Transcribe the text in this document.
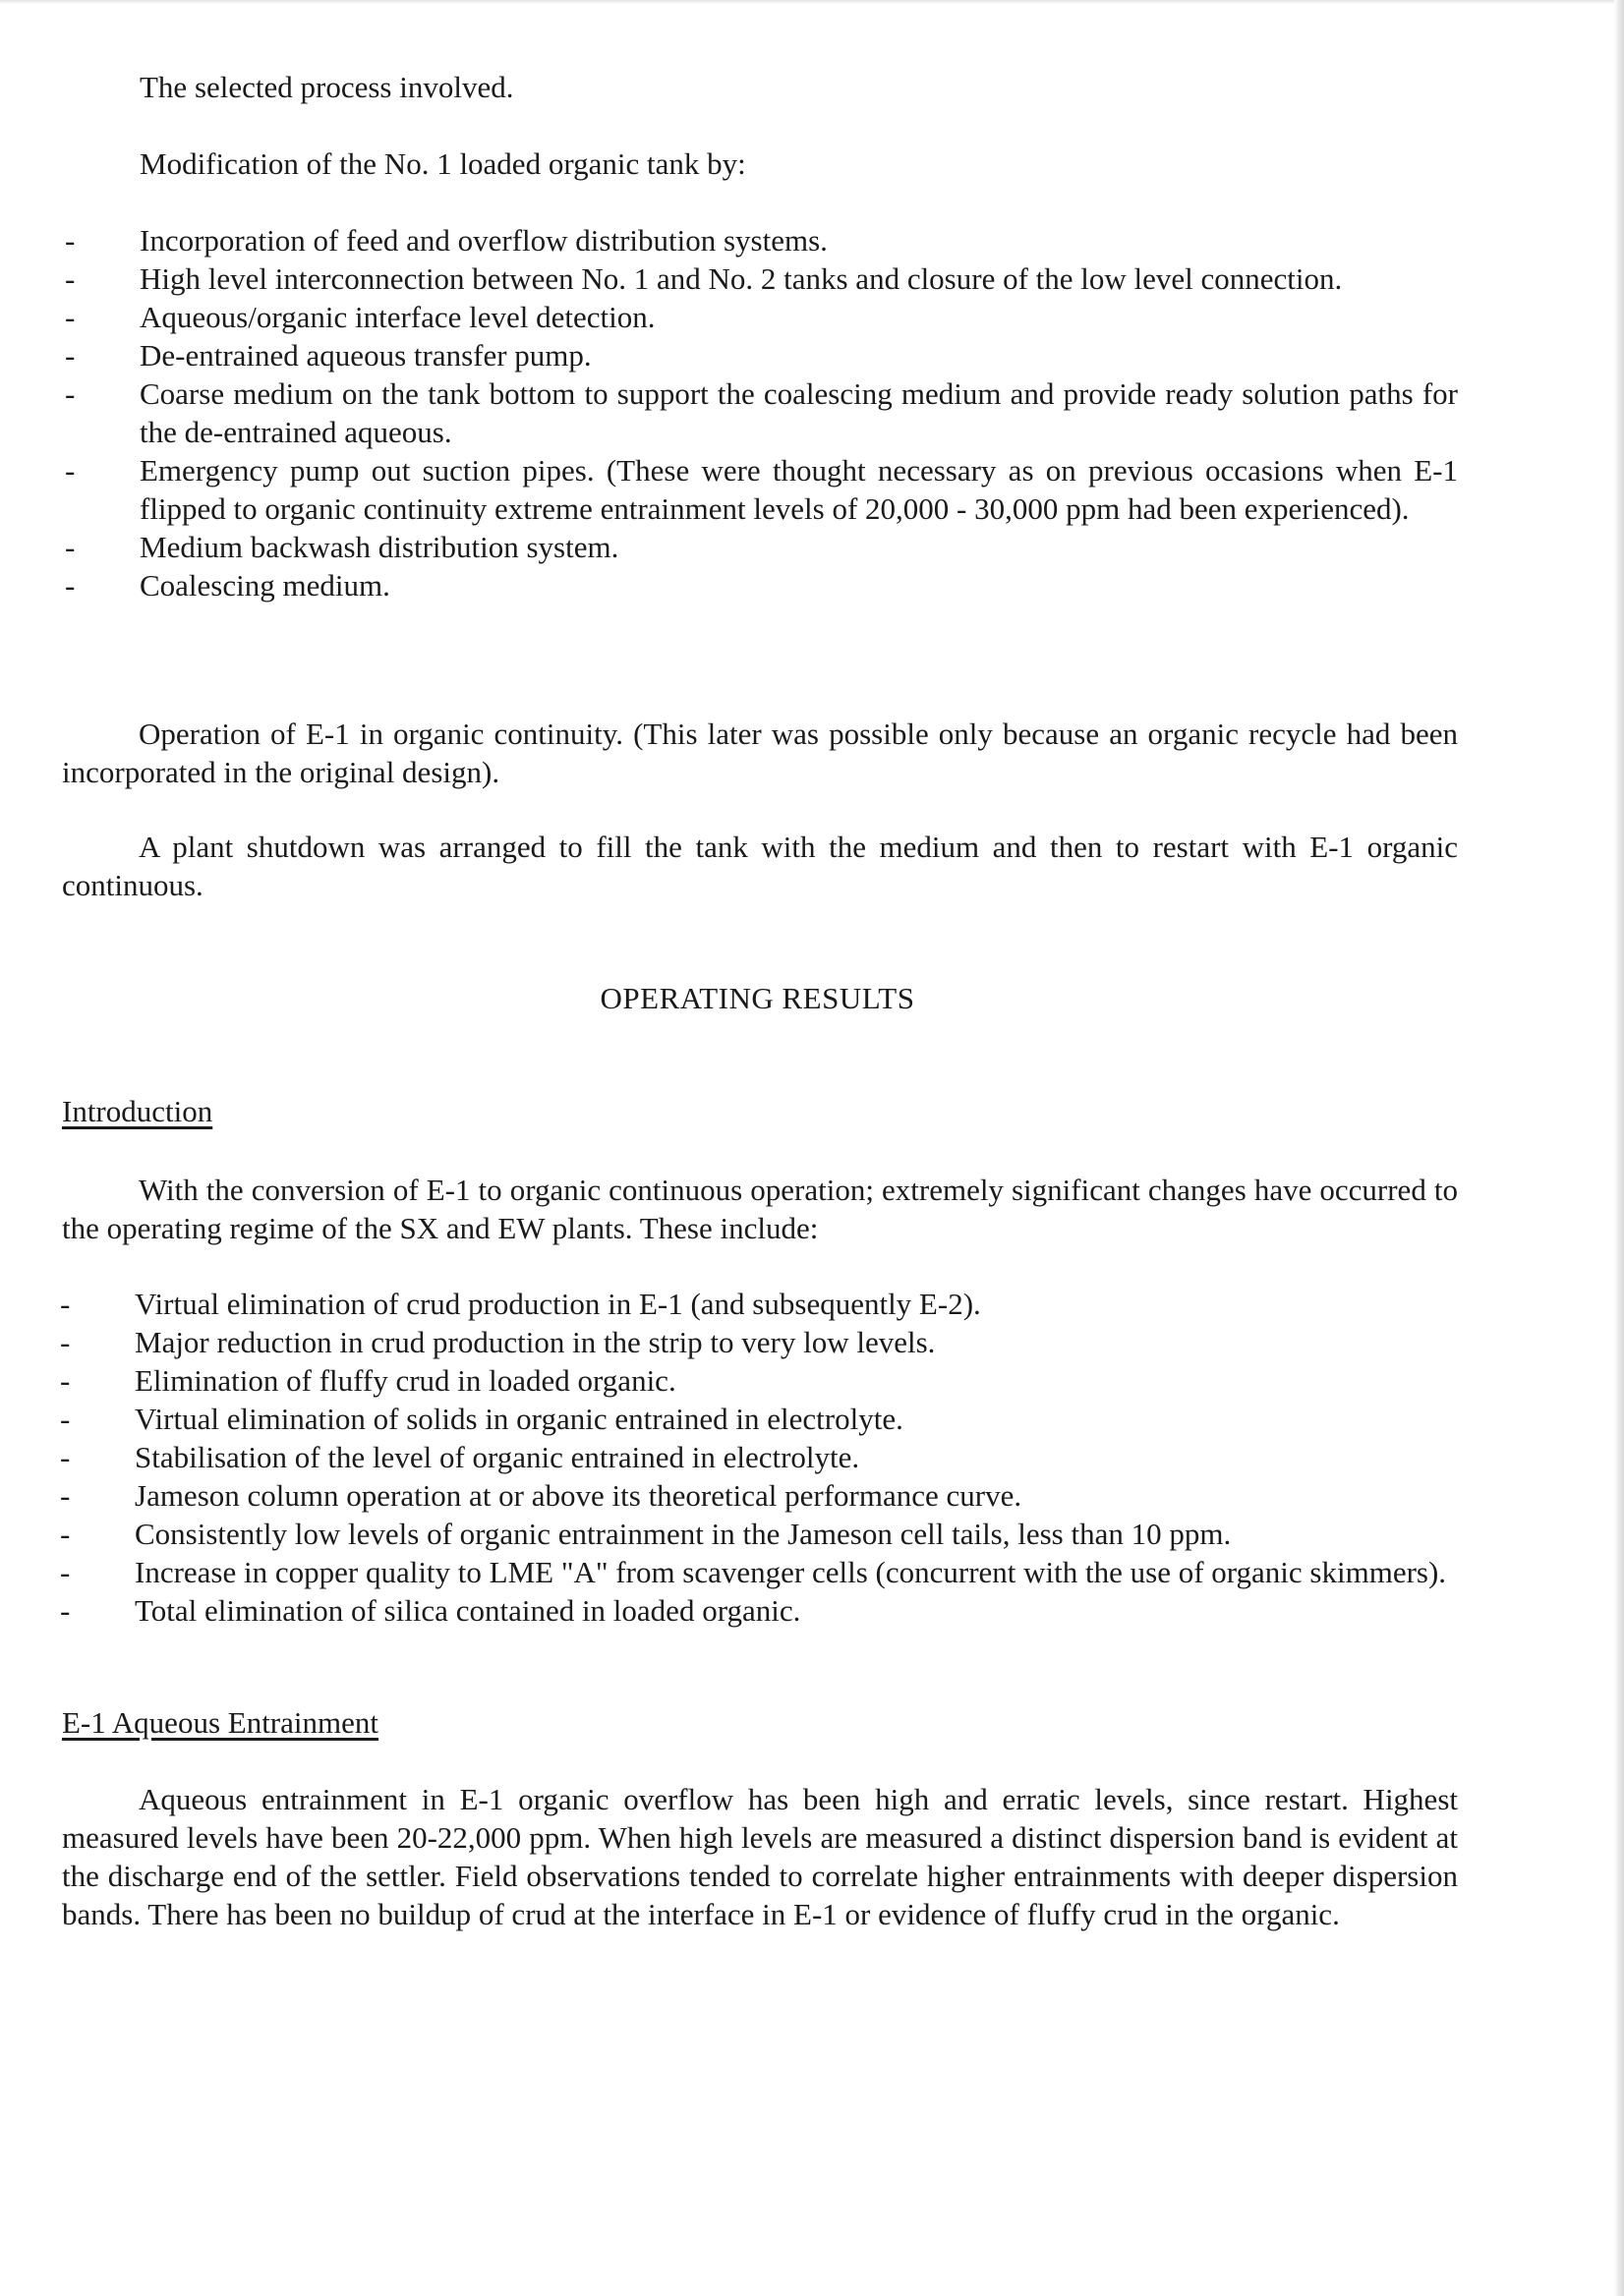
The selected process involved.

Modification of the No. 1 loaded organic tank by:

- Incorporation of feed and overflow distribution systems.
- High level interconnection between No. 1 and No. 2 tanks and closure of the low level connection.
- Aqueous/organic interface level detection.
- De-entrained aqueous transfer pump.
- Coarse medium on the tank bottom to support the coalescing medium and provide ready solution paths for the de-entrained aqueous.
- Emergency pump out suction pipes. (These were thought necessary as on previous occasions when E-1 flipped to organic continuity extreme entrainment levels of 20,000 - 30,000 ppm had been experienced).
- Medium backwash distribution system.
- Coalescing medium.

Operation of E-1 in organic continuity. (This later was possible only because an organic recycle had been incorporated in the original design).

A plant shutdown was arranged to fill the tank with the medium and then to restart with E-1 organic continuous.

OPERATING RESULTS
Introduction

With the conversion of E-1 to organic continuous operation; extremely significant changes have occurred to the operating regime of the SX and EW plants. These include:

- Virtual elimination of crud production in E-1 (and subsequently E-2).
- Major reduction in crud production in the strip to very low levels.
- Elimination of fluffy crud in loaded organic.
- Virtual elimination of solids in organic entrained in electrolyte.
- Stabilisation of the level of organic entrained in electrolyte.
- Jameson column operation at or above its theoretical performance curve.
- Consistently low levels of organic entrainment in the Jameson cell tails, less than 10 ppm.
- Increase in copper quality to LME "A" from scavenger cells (concurrent with the use of organic skimmers).
- Total elimination of silica contained in loaded organic.
E-1 Aqueous Entrainment

Aqueous entrainment in E-1 organic overflow has been high and erratic levels, since restart. Highest measured levels have been 20-22,000 ppm. When high levels are measured a distinct dispersion band is evident at the discharge end of the settler. Field observations tended to correlate higher entrainments with deeper dispersion bands. There has been no buildup of crud at the interface in E-1 or evidence of fluffy crud in the organic.
